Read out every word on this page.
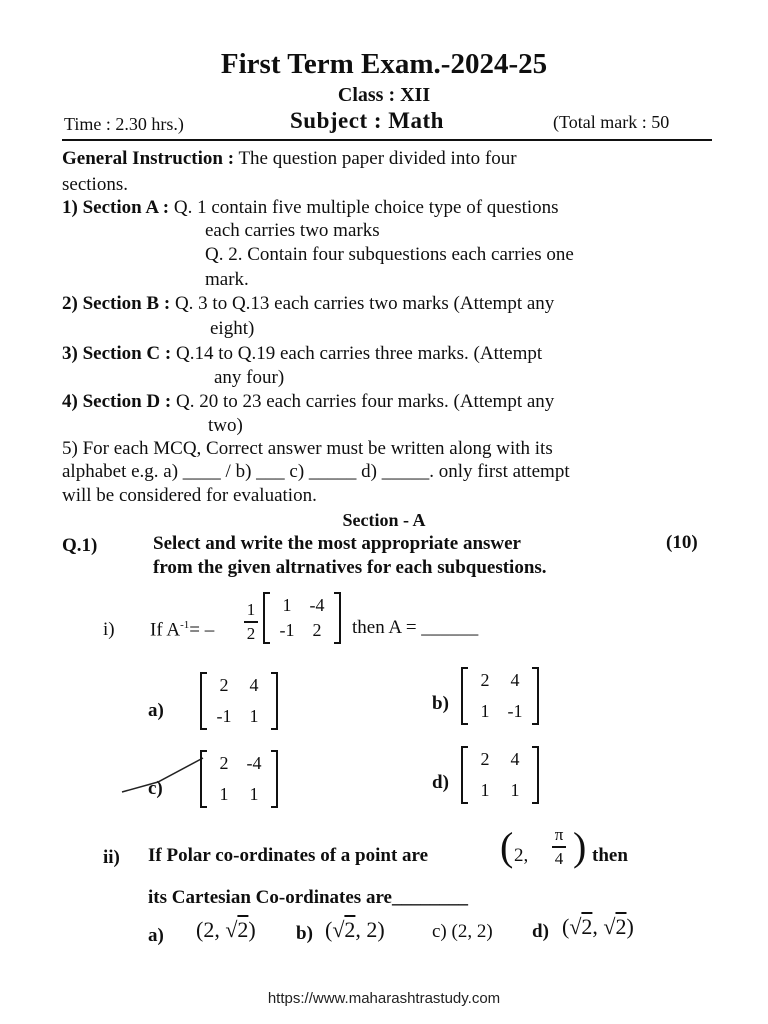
First Term Exam.-2024-25
Class : XII
Time : 2.30 hrs.)	Subject : Math	(Total mark : 50
General Instruction : The question paper divided into four
sections.
1) Section A : Q. 1 contain five multiple choice type of questions
each carries two marks
Q. 2. Contain four subquestions each carries one
mark.
2) Section B : Q. 3 to Q.13 each carries two marks (Attempt any
eight)
3) Section C : Q.14 to Q.19 each carries three marks. (Attempt
any four)
4) Section D : Q. 20 to 23 each carries four marks. (Attempt any
two)
5) For each MCQ, Correct answer must be written along with its
alphabet e.g. a) ____ / b) ___ c) _____ d) _____. only first attempt
will be considered for evaluation.
Section - A
Q.1)	Select and write the most appropriate answer	(10)
from the given altrnatives for each subquestions.
i) If $A^{-1}=$ –
1
2
1	-4
-1	2	then A = ______
a)
2	4
-1	1
b)
2	4
1	-1
c)
2	-4
1	1
d)
2	4
1	1
ii) If Polar co-ordinates of a point are ( 2,
π
4 ) then
its Cartesian Co-ordinates are________
a) (2, √2) b) (√2, 2) c) (2, 2) d) (√2, √2)
https://www.maharashtrastudy.com
